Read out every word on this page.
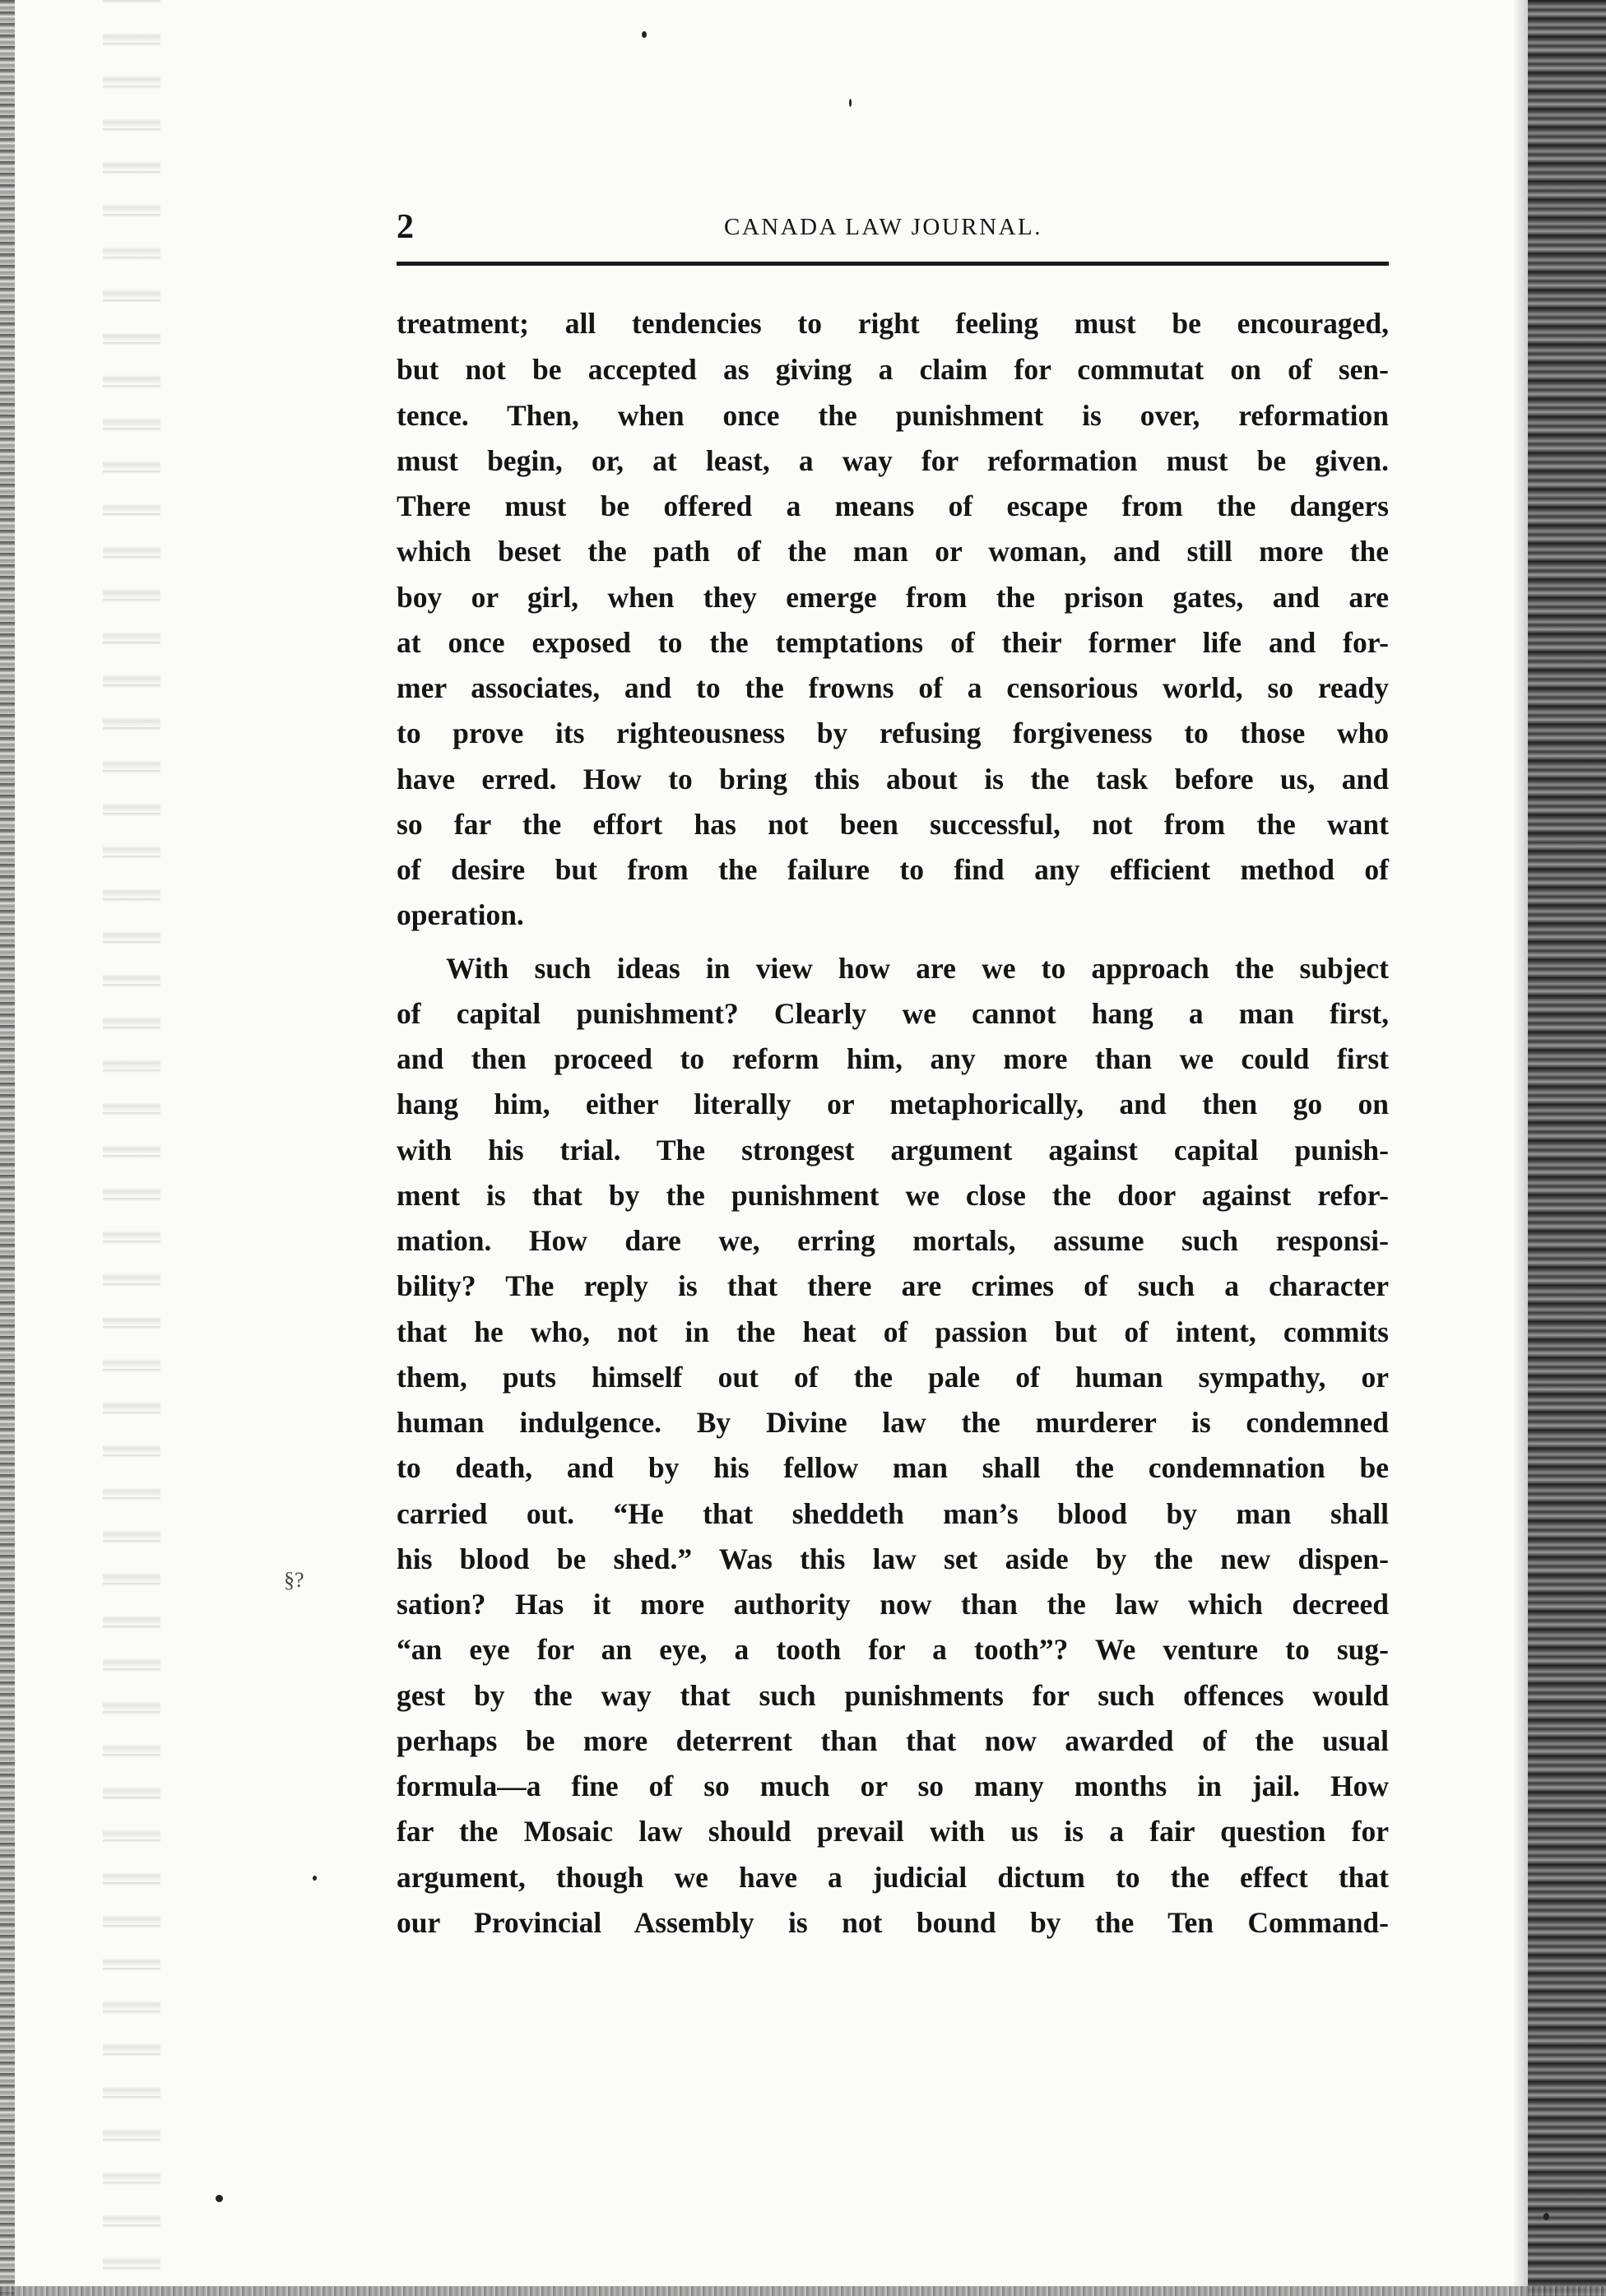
§?
2	CANADA LAW JOURNAL.
treatment; all tendencies to right feeling must be encouraged,
but not be accepted as giving a claim for commutat on of sen-
tence. Then, when once the punishment is over, reformation
must begin, or, at least, a way for reformation must be given.
There must be offered a means of escape from the dangers
which beset the path of the man or woman, and still more the
boy or girl, when they emerge from the prison gates, and are
at once exposed to the temptations of their former life and for-
mer associates, and to the frowns of a censorious world, so ready
to prove its righteousness by refusing forgiveness to those who
have erred. How to bring this about is the task before us, and
so far the effort has not been successful, not from the want
of desire but from the failure to find any efficient method of
operation.
With such ideas in view how are we to approach the subject
of capital punishment? Clearly we cannot hang a man first,
and then proceed to reform him, any more than we could first
hang him, either literally or metaphorically, and then go on
with his trial. The strongest argument against capital punish-
ment is that by the punishment we close the door against refor-
mation. How dare we, erring mortals, assume such responsi-
bility? The reply is that there are crimes of such a character
that he who, not in the heat of passion but of intent, commits
them, puts himself out of the pale of human sympathy, or
human indulgence. By Divine law the murderer is condemned
to death, and by his fellow man shall the condemnation be
carried out. “He that sheddeth man’s blood by man shall
his blood be shed.” Was this law set aside by the new dispen-
sation? Has it more authority now than the law which decreed
“an eye for an eye, a tooth for a tooth”? We venture to sug-
gest by the way that such punishments for such offences would
perhaps be more deterrent than that now awarded of the usual
formula—a fine of so much or so many months in jail. How
far the Mosaic law should prevail with us is a fair question for
argument, though we have a judicial dictum to the effect that
our Provincial Assembly is not bound by the Ten Command-
